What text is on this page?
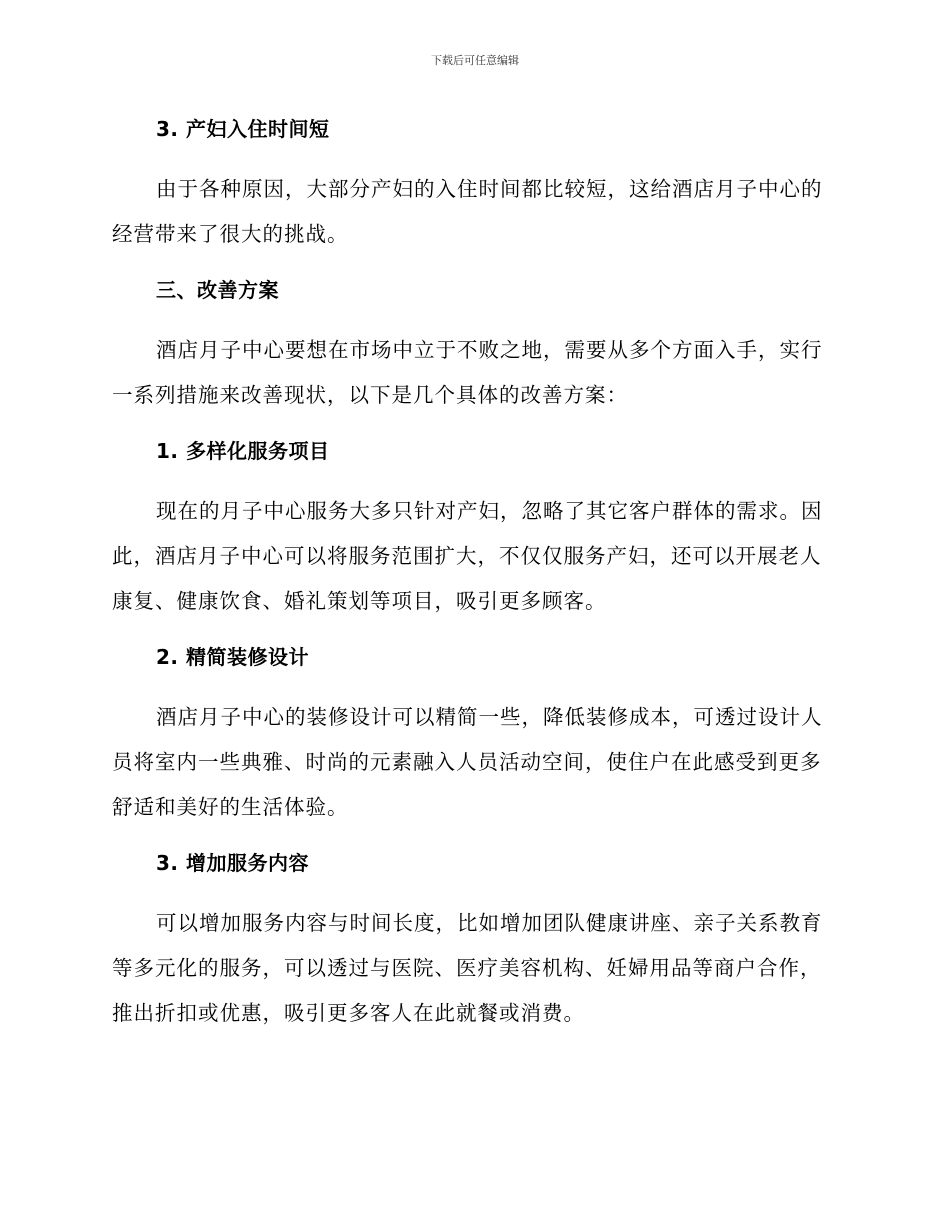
下载后可任意编辑
3. 产妇入住时间短

由于各种原因，大部分产妇的入住时间都比较短，这给酒店月子中心的经营带来了很大的挑战。

三、改善方案

酒店月子中心要想在市场中立于不败之地，需要从多个方面入手，实行一系列措施来改善现状，以下是几个具体的改善方案：

1. 多样化服务项目

现在的月子中心服务大多只针对产妇，忽略了其它客户群体的需求。因此，酒店月子中心可以将服务范围扩大，不仅仅服务产妇，还可以开展老人康复、健康饮食、婚礼策划等项目，吸引更多顾客。

2. 精简装修设计

酒店月子中心的装修设计可以精简一些，降低装修成本，可透过设计人员将室内一些典雅、时尚的元素融入人员活动空间，使住户在此感受到更多舒适和美好的生活体验。

3. 增加服务内容

可以增加服务内容与时间长度，比如增加团队健康讲座、亲子关系教育等多元化的服务，可以透过与医院、医疗美容机构、妊婦用品等商户合作，推出折扣或优惠，吸引更多客人在此就餐或消费。
